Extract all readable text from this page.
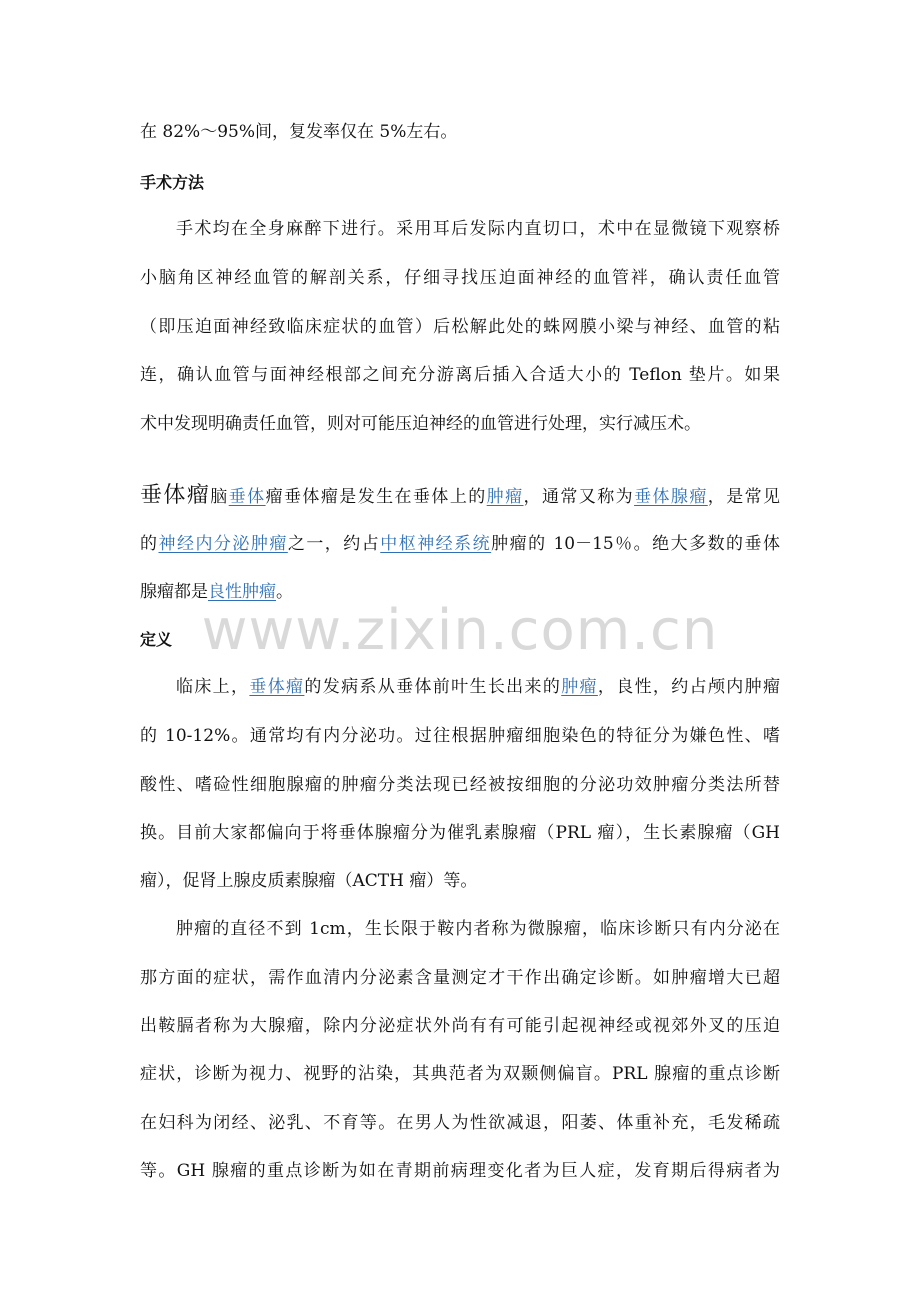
www.zixin.com.cn
在 82%～95%间，复发率仅在 5%左右。
手术方法
手术均在全身麻醉下进行。采用耳后发际内直切口，术中在显微镜下观察桥
小脑角区神经血管的解剖关系，仔细寻找压迫面神经的血管袢，确认责任血管
（即压迫面神经致临床症状的血管）后松解此处的蛛网膜小梁与神经、血管的粘
连，确认血管与面神经根部之间充分游离后插入合适大小的 Teflon 垫片。如果
术中发现明确责任血管，则对可能压迫神经的血管进行处理，实行减压术。
垂体瘤脑垂体瘤垂体瘤是发生在垂体上的肿瘤，通常又称为垂体腺瘤，是常见
的神经内分泌肿瘤之一，约占中枢神经系统肿瘤的 10－15％。绝大多数的垂体
腺瘤都是良性肿瘤。
定义
临床上，垂体瘤的发病系从垂体前叶生长出来的肿瘤，良性，约占颅内肿瘤
的 10-12%。通常均有内分泌功。过往根据肿瘤细胞染色的特征分为嫌色性、嗜
酸性、嗜硷性细胞腺瘤的肿瘤分类法现已经被按细胞的分泌功效肿瘤分类法所替
换。目前大家都偏向于将垂体腺瘤分为催乳素腺瘤（PRL 瘤），生长素腺瘤（GH
瘤），促肾上腺皮质素腺瘤（ACTH 瘤）等。
肿瘤的直径不到 1cm，生长限于鞍内者称为微腺瘤，临床诊断只有内分泌在
那方面的症状，需作血清内分泌素含量测定才干作出确定诊断。如肿瘤增大已超
出鞍膈者称为大腺瘤，除内分泌症状外尚有有可能引起视神经或视郊外叉的压迫
症状，诊断为视力、视野的沾染，其典范者为双颞侧偏盲。PRL 腺瘤的重点诊断
在妇科为闭经、泌乳、不育等。在男人为性欲减退，阳萎、体重补充，毛发稀疏
等。GH 腺瘤的重点诊断为如在青期前病理变化者为巨人症，发育期后得病者为
